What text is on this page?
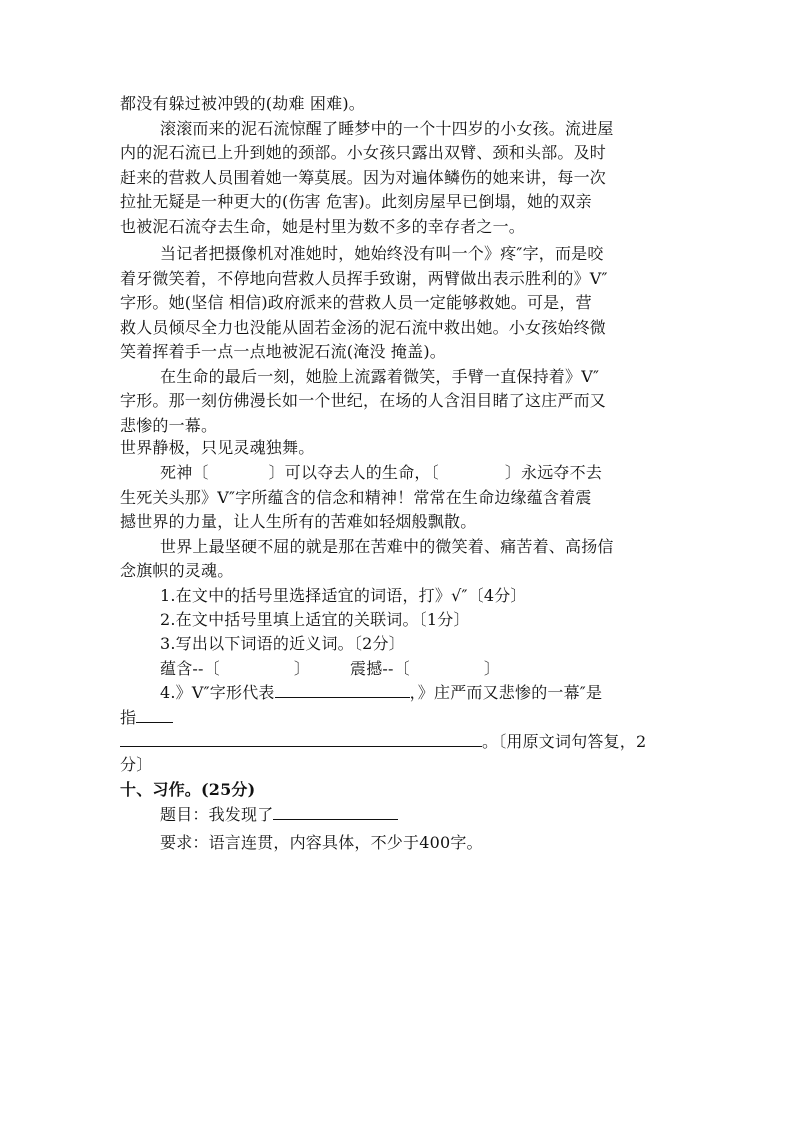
都没有躲过被冲毁的(劫难 困难)。
滚滚而来的泥石流惊醒了睡梦中的一个十四岁的小女孩。流进屋
内的泥石流已上升到她的颈部。小女孩只露出双臂、颈和头部。及时
赶来的营救人员围着她一筹莫展。因为对遍体鳞伤的她来讲，每一次
拉扯无疑是一种更大的(伤害 危害)。此刻房屋早已倒塌，她的双亲
也被泥石流夺去生命，她是村里为数不多的幸存者之一。
当记者把摄像机对准她时，她始终没有叫一个》疼″字，而是咬
着牙微笑着，不停地向营救人员挥手致谢，两臂做出表示胜利的》V″
字形。她(坚信 相信)政府派来的营救人员一定能够救她。可是，营
救人员倾尽全力也没能从固若金汤的泥石流中救出她。小女孩始终微
笑着挥着手一点一点地被泥石流(淹没 掩盖)。
在生命的最后一刻，她脸上流露着微笑，手臂一直保持着》V″
字形。那一刻仿佛漫长如一个世纪，在场的人含泪目睹了这庄严而又
悲惨的一幕。
世界静极，只见灵魂独舞。
死神〔	〕可以夺去人的生命，〔	〕永远夺不去
生死关头那》V″字所蕴含的信念和精神！常常在生命边缘蕴含着震
撼世界的力量，让人生所有的苦难如轻烟般飘散。
世界上最坚硬不屈的就是那在苦难中的微笑着、痛苦着、高扬信
念旗帜的灵魂。
1.在文中的括号里选择适宜的词语，打》√″〔4分〕
2.在文中括号里填上适宜的关联词。〔1分〕
3.写出以下词语的近义词。〔2分〕
蕴含--〔	〕	震撼--〔	〕
4.》V″字形代表	，》庄严而又悲惨的一幕″是
指
。〔用原文词句答复，2
分〕
十、习作。(25分)
题目：我发现了
要求：语言连贯，内容具体，不少于400字。
